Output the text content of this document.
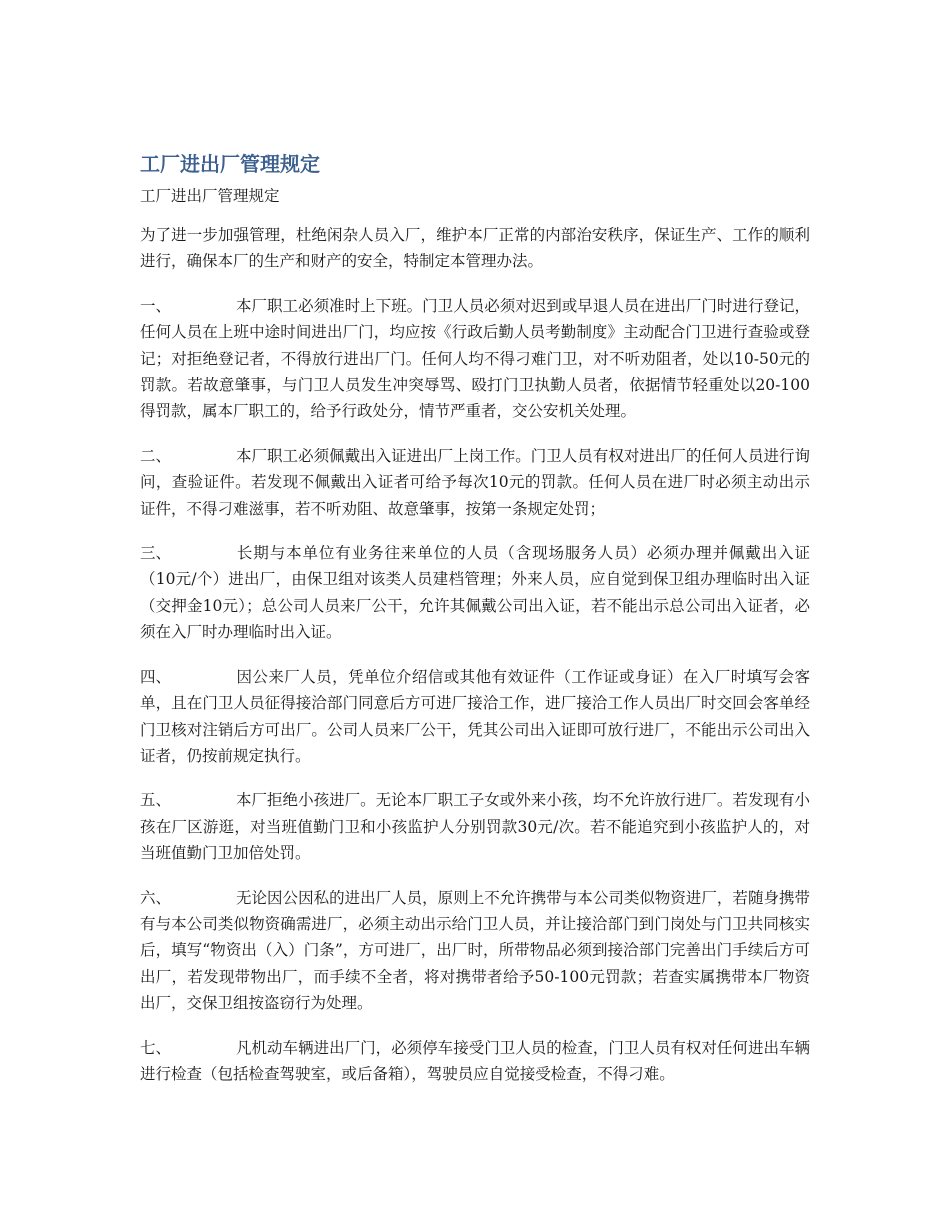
工厂进出厂管理规定
工厂进出厂管理规定

为了进一步加强管理，杜绝闲杂人员入厂，维护本厂正常的内部治安秩序，保证生产、工作的顺利进行，确保本厂的生产和财产的安全，特制定本管理办法。

一、	本厂职工必须准时上下班。门卫人员必须对迟到或早退人员在进出厂门时进行登记，任何人员在上班中途时间进出厂门，均应按《行政后勤人员考勤制度》主动配合门卫进行查验或登记；对拒绝登记者，不得放行进出厂门。任何人均不得刁难门卫，对不听劝阻者，处以10-50元的罚款。若故意肇事，与门卫人员发生冲突辱骂、殴打门卫执勤人员者，依据情节轻重处以20-100得罚款，属本厂职工的，给予行政处分，情节严重者，交公安机关处理。

二、	本厂职工必须佩戴出入证进出厂上岗工作。门卫人员有权对进出厂的任何人员进行询问，查验证件。若发现不佩戴出入证者可给予每次10元的罚款。任何人员在进厂时必须主动出示证件，不得刁难滋事，若不听劝阻、故意肇事，按第一条规定处罚；

三、	长期与本单位有业务往来单位的人员（含现场服务人员）必须办理并佩戴出入证（10元/个）进出厂，由保卫组对该类人员建档管理；外来人员，应自觉到保卫组办理临时出入证（交押金10元）；总公司人员来厂公干，允许其佩戴公司出入证，若不能出示总公司出入证者，必须在入厂时办理临时出入证。

四、	因公来厂人员，凭单位介绍信或其他有效证件（工作证或身证）在入厂时填写会客单，且在门卫人员征得接洽部门同意后方可进厂接洽工作，进厂接洽工作人员出厂时交回会客单经门卫核对注销后方可出厂。公司人员来厂公干，凭其公司出入证即可放行进厂，不能出示公司出入证者，仍按前规定执行。

五、	本厂拒绝小孩进厂。无论本厂职工子女或外来小孩，均不允许放行进厂。若发现有小孩在厂区游逛，对当班值勤门卫和小孩监护人分别罚款30元/次。若不能追究到小孩监护人的，对当班值勤门卫加倍处罚。

六、	无论因公因私的进出厂人员，原则上不允许携带与本公司类似物资进厂，若随身携带有与本公司类似物资确需进厂，必须主动出示给门卫人员，并让接洽部门到门岗处与门卫共同核实后，填写“物资出（入）门条”，方可进厂，出厂时，所带物品必须到接洽部门完善出门手续后方可出厂，若发现带物出厂，而手续不全者，将对携带者给予50-100元罚款；若查实属携带本厂物资出厂，交保卫组按盗窃行为处理。

七、	凡机动车辆进出厂门，必须停车接受门卫人员的检查，门卫人员有权对任何进出车辆进行检查（包括检查驾驶室，或后备箱），驾驶员应自觉接受检查，不得刁难。
